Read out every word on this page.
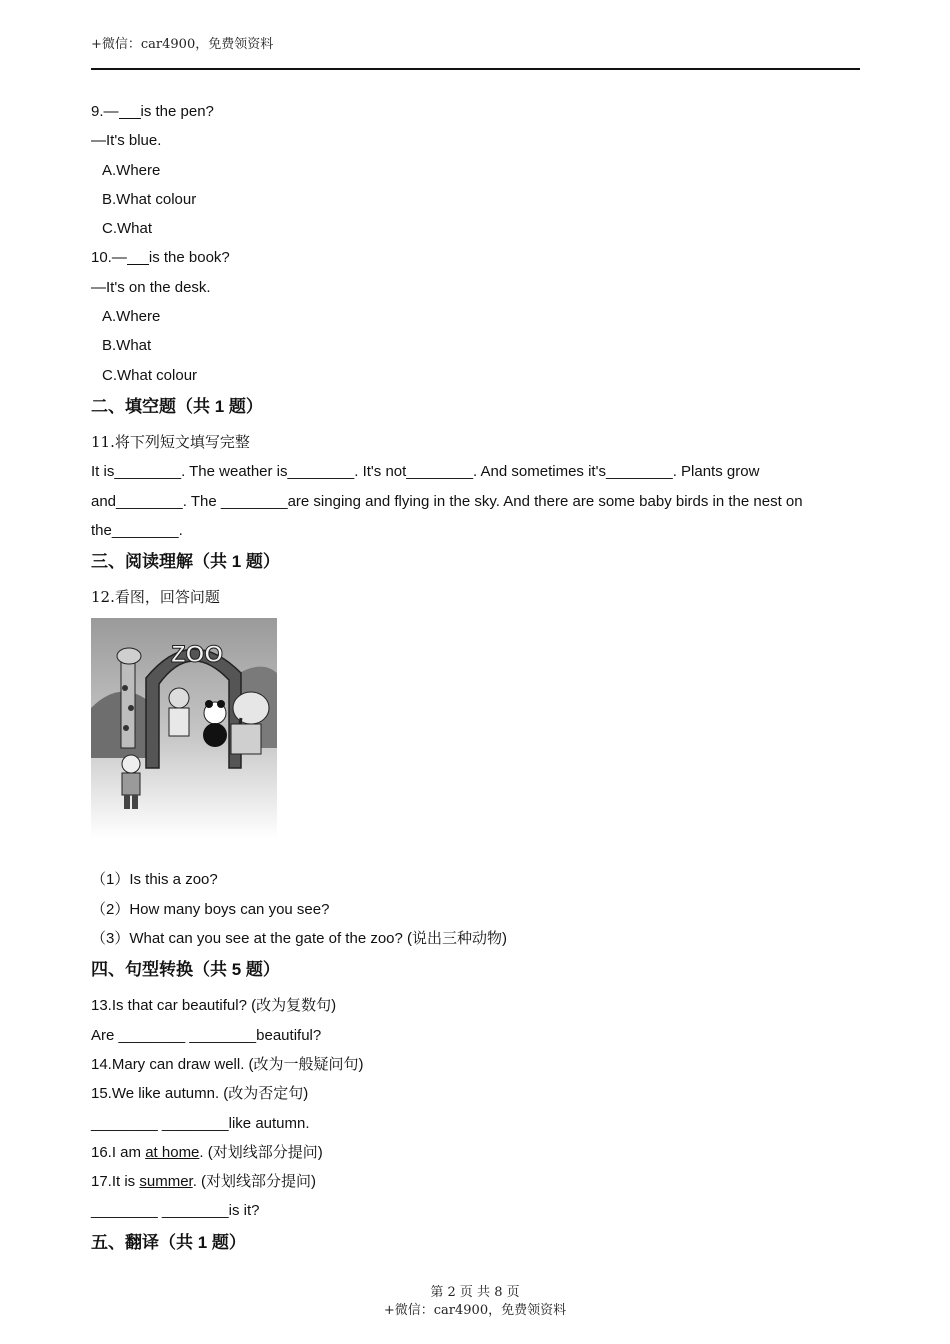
+微信：car4900，免费领资料
9.— is the pen?
—It's blue.
A.Where
B.What colour
C.What
10.— is the book?
—It's on the desk.
A.Where
B.What
C.What colour
二、填空题（共 1 题）
11.将下列短文填写完整
It is________. The weather is________. It's not________. And sometimes it's________. Plants grow
and________. The ________are singing and flying in the sky. And there are some baby birds in the nest on
the________.
三、阅读理解（共 1 题）
12.看图，回答问题
ZOO
（1）Is this a zoo?
（2）How many boys can you see?
（3）What can you see at the gate of the zoo? (说出三种动物)
四、句型转换（共 5 题）
13.Is that car beautiful? (改为复数句)
Are ________ ________beautiful?
14.Mary can draw well. (改为一般疑问句)
15.We like autumn. (改为否定句)
________ ________like autumn.
16.I am at home. (对划线部分提问)
17.It is summer. (对划线部分提问)
________ ________is it?
五、翻译（共 1 题）
第 2 页 共 8 页
+微信：car4900，免费领资料
